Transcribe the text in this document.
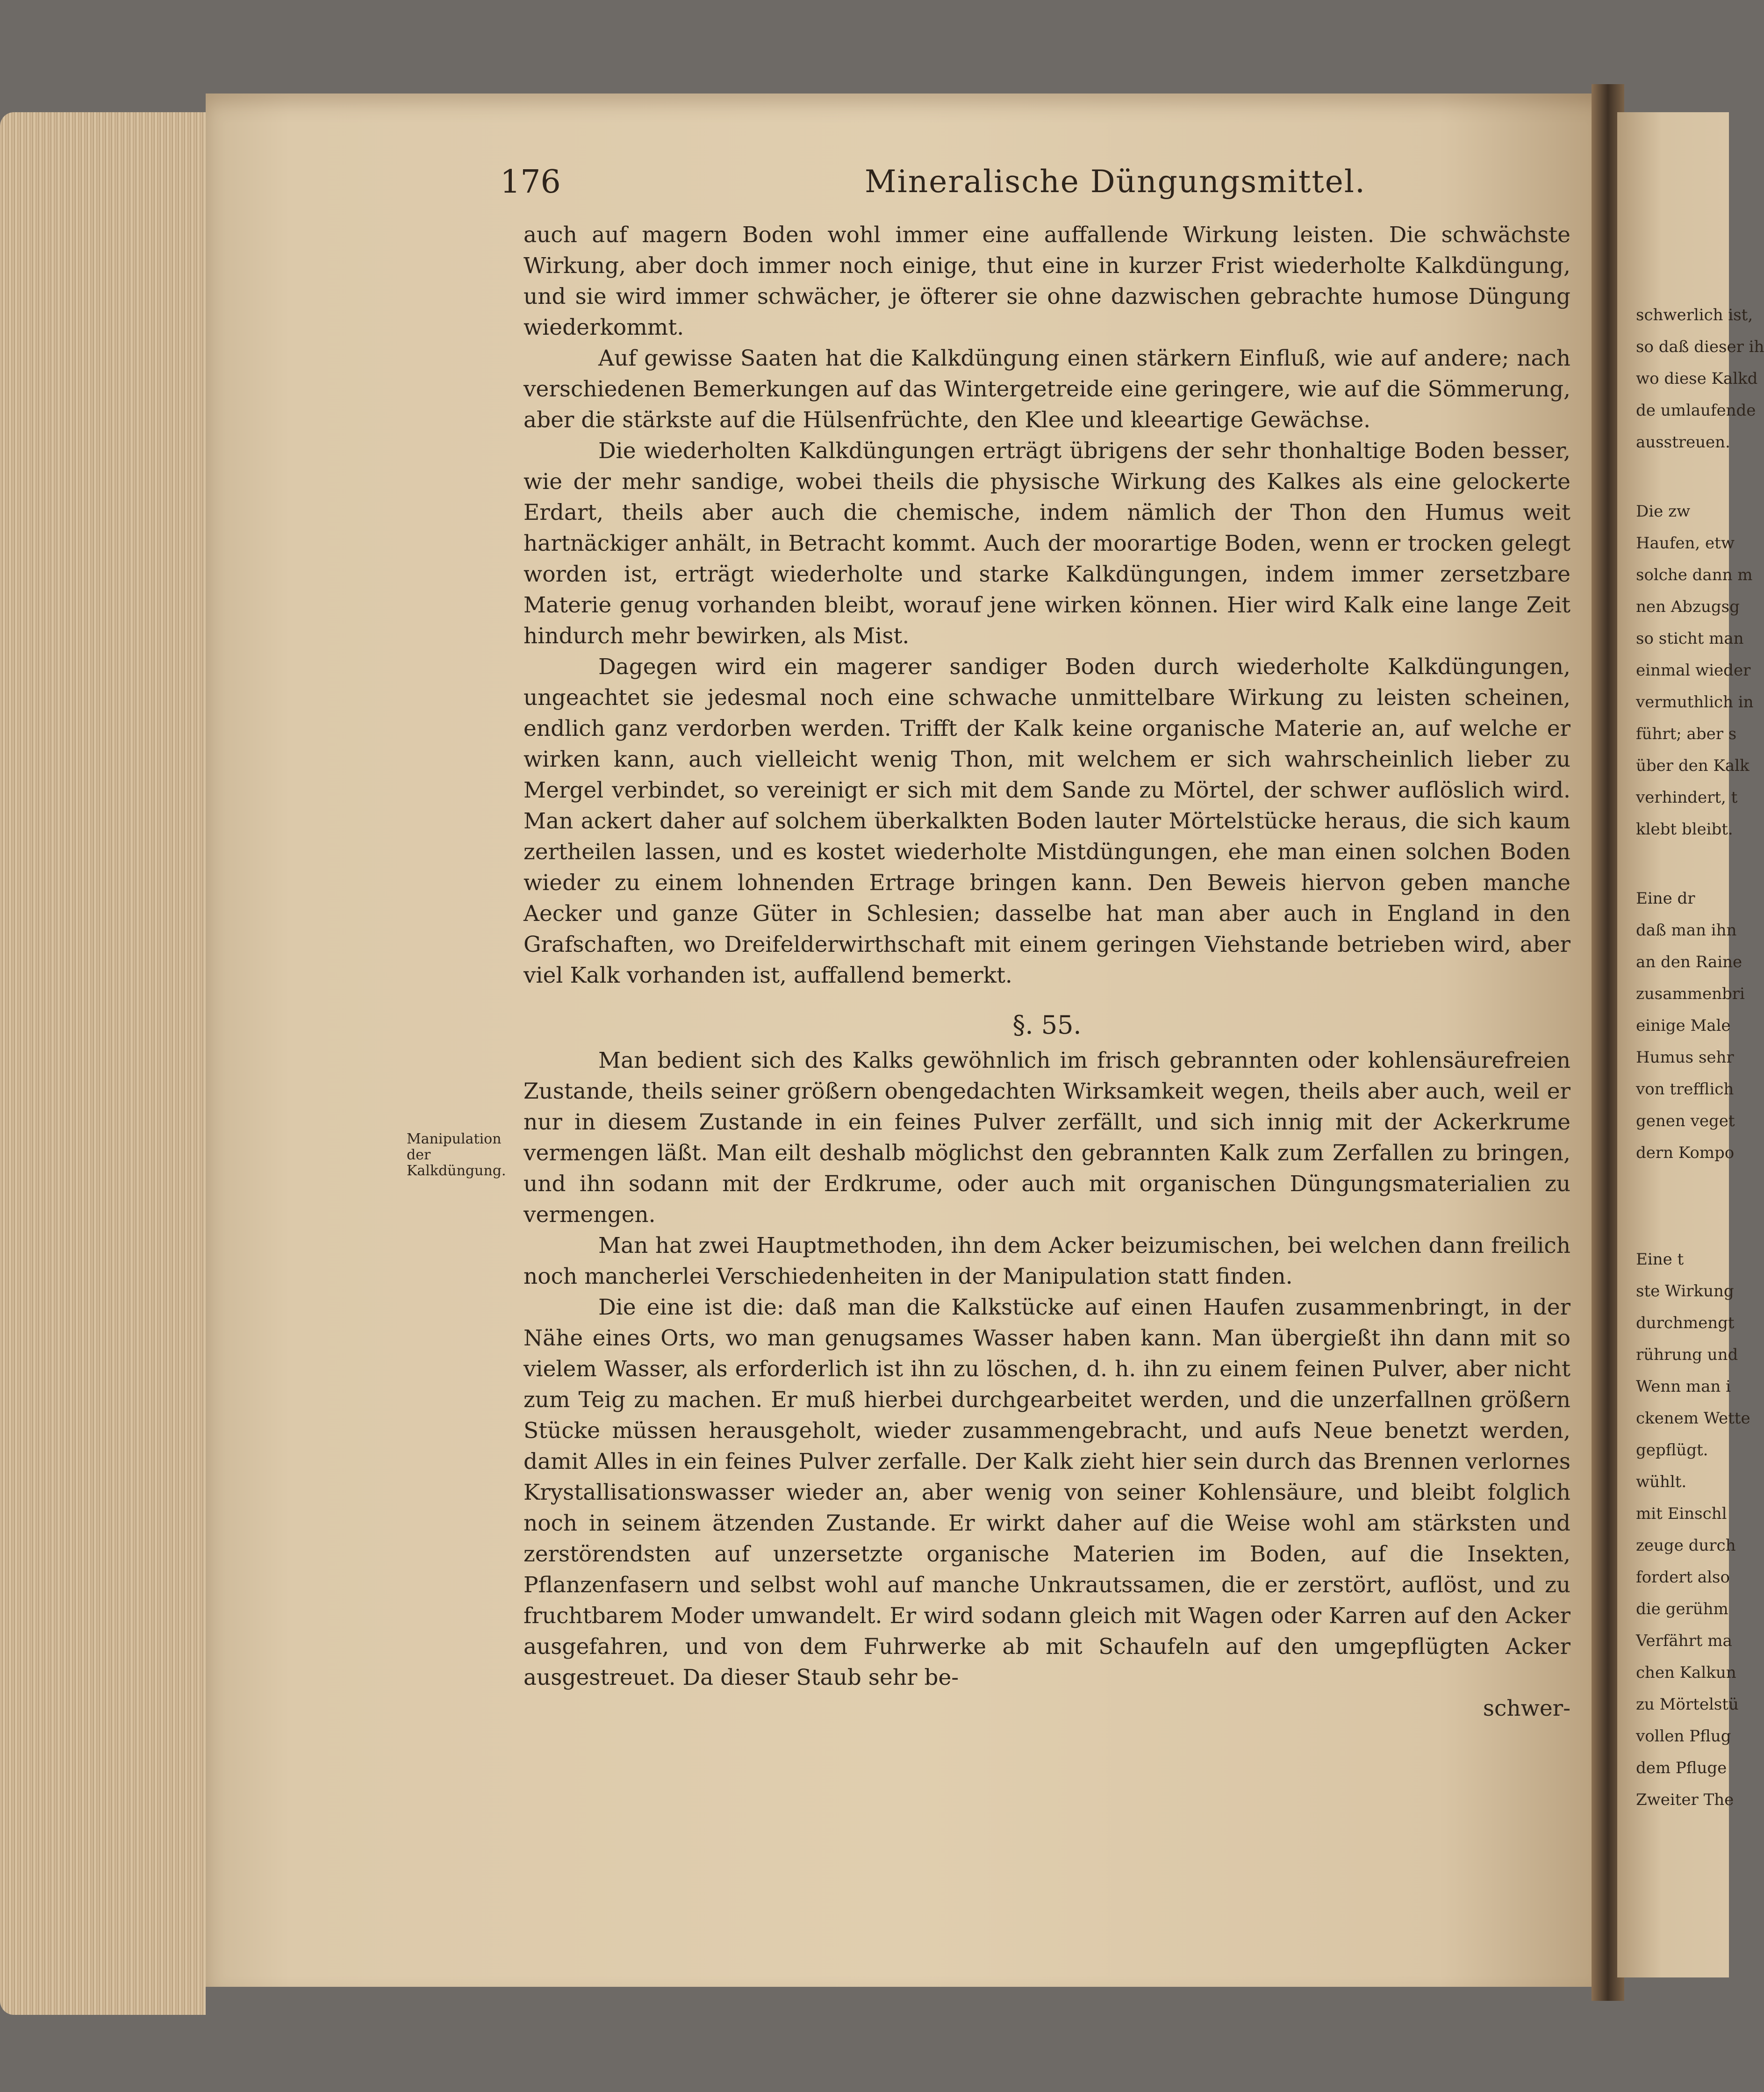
176	Mineralische Düngungsmittel.
Manipulation der Kalkdüngung.

auch auf magern Boden wohl immer eine auffallende Wirkung leisten. Die schwächste Wirkung, aber doch immer noch einige, thut eine in kurzer Frist wiederholte Kalkdüngung, und sie wird immer schwächer, je öfterer sie ohne dazwischen gebrachte humose Düngung wiederkommt.

Auf gewisse Saaten hat die Kalkdüngung einen stärkern Einfluß, wie auf andere; nach verschiedenen Bemerkungen auf das Wintergetreide eine geringere, wie auf die Sömmerung, aber die stärkste auf die Hülsenfrüchte, den Klee und kleeartige Gewächse.

Die wiederholten Kalkdüngungen erträgt übrigens der sehr thonhaltige Boden besser, wie der mehr sandige, wobei theils die physische Wirkung des Kalkes als eine gelockerte Erdart, theils aber auch die chemische, indem nämlich der Thon den Humus weit hartnäckiger anhält, in Betracht kommt. Auch der moorartige Boden, wenn er trocken gelegt worden ist, erträgt wiederholte und starke Kalkdüngungen, indem immer zersetzbare Materie genug vorhanden bleibt, worauf jene wirken können. Hier wird Kalk eine lange Zeit hindurch mehr bewirken, als Mist.

Dagegen wird ein magerer sandiger Boden durch wiederholte Kalkdüngungen, ungeachtet sie jedesmal noch eine schwache unmittelbare Wirkung zu leisten scheinen, endlich ganz verdorben werden. Trifft der Kalk keine organische Materie an, auf welche er wirken kann, auch vielleicht wenig Thon, mit welchem er sich wahrscheinlich lieber zu Mergel verbindet, so vereinigt er sich mit dem Sande zu Mörtel, der schwer auflöslich wird. Man ackert daher auf solchem überkalkten Boden lauter Mörtelstücke heraus, die sich kaum zertheilen lassen, und es kostet wiederholte Mistdüngungen, ehe man einen solchen Boden wieder zu einem lohnenden Ertrage bringen kann. Den Beweis hiervon geben manche Aecker und ganze Güter in Schlesien; dasselbe hat man aber auch in England in den Grafschaften, wo Dreifelderwirthschaft mit einem geringen Viehstande betrieben wird, aber viel Kalk vorhanden ist, auffallend bemerkt.

§. 55.

Man bedient sich des Kalks gewöhnlich im frisch gebrannten oder kohlensäurefreien Zustande, theils seiner größern obengedachten Wirksamkeit wegen, theils aber auch, weil er nur in diesem Zustande in ein feines Pulver zerfällt, und sich innig mit der Ackerkrume vermengen läßt. Man eilt deshalb möglichst den gebrannten Kalk zum Zerfallen zu bringen, und ihn sodann mit der Erdkrume, oder auch mit organischen Düngungsmaterialien zu vermengen.

Man hat zwei Hauptmethoden, ihn dem Acker beizumischen, bei welchen dann freilich noch mancherlei Verschiedenheiten in der Manipulation statt finden.

Die eine ist die: daß man die Kalkstücke auf einen Haufen zusammenbringt, in der Nähe eines Orts, wo man genugsames Wasser haben kann. Man übergießt ihn dann mit so vielem Wasser, als erforderlich ist ihn zu löschen, d. h. ihn zu einem feinen Pulver, aber nicht zum Teig zu machen. Er muß hierbei durchgearbeitet werden, und die unzerfallnen größern Stücke müssen herausgeholt, wieder zusammengebracht, und aufs Neue benetzt werden, damit Alles in ein feines Pulver zerfalle. Der Kalk zieht hier sein durch das Brennen verlornes Krystallisationswasser wieder an, aber wenig von seiner Kohlensäure, und bleibt folglich noch in seinem ätzenden Zustande. Er wirkt daher auf die Weise wohl am stärksten und zerstörendsten auf unzersetzte organische Materien im Boden, auf die Insekten, Pflanzenfasern und selbst wohl auf manche Unkrautssamen, die er zerstört, auflöst, und zu fruchtbarem Moder umwandelt. Er wird sodann gleich mit Wagen oder Karren auf den Acker ausgefahren, und von dem Fuhrwerke ab mit Schaufeln auf den umgepflügten Acker ausgestreuet. Da dieser Staub sehr be-

schwer-

schwerlich ist,
so daß dieser ih
wo diese Kalkd
de umlaufende
ausstreuen.
Die zw
Haufen, etw
solche dann m
nen Abzugsg
so sticht man
einmal wieder
vermuthlich in
führt; aber s
über den Kalk
verhindert, t
klebt bleibt.
Eine dr
daß man ihn
an den Raine
zusammenbri
einige Male
Humus sehr
von trefflich
genen veget
dern Kompo
Eine t
ste Wirkung
durchmengt
rührung und
Wenn man i
ckenem Wette
gepflügt.
wühlt.
mit Einschl
zeuge durch
fordert also
die gerühm
Verfährt ma
chen Kalkun
zu Mörtelstü
vollen Pflug
dem Pfluge
Zweiter The
